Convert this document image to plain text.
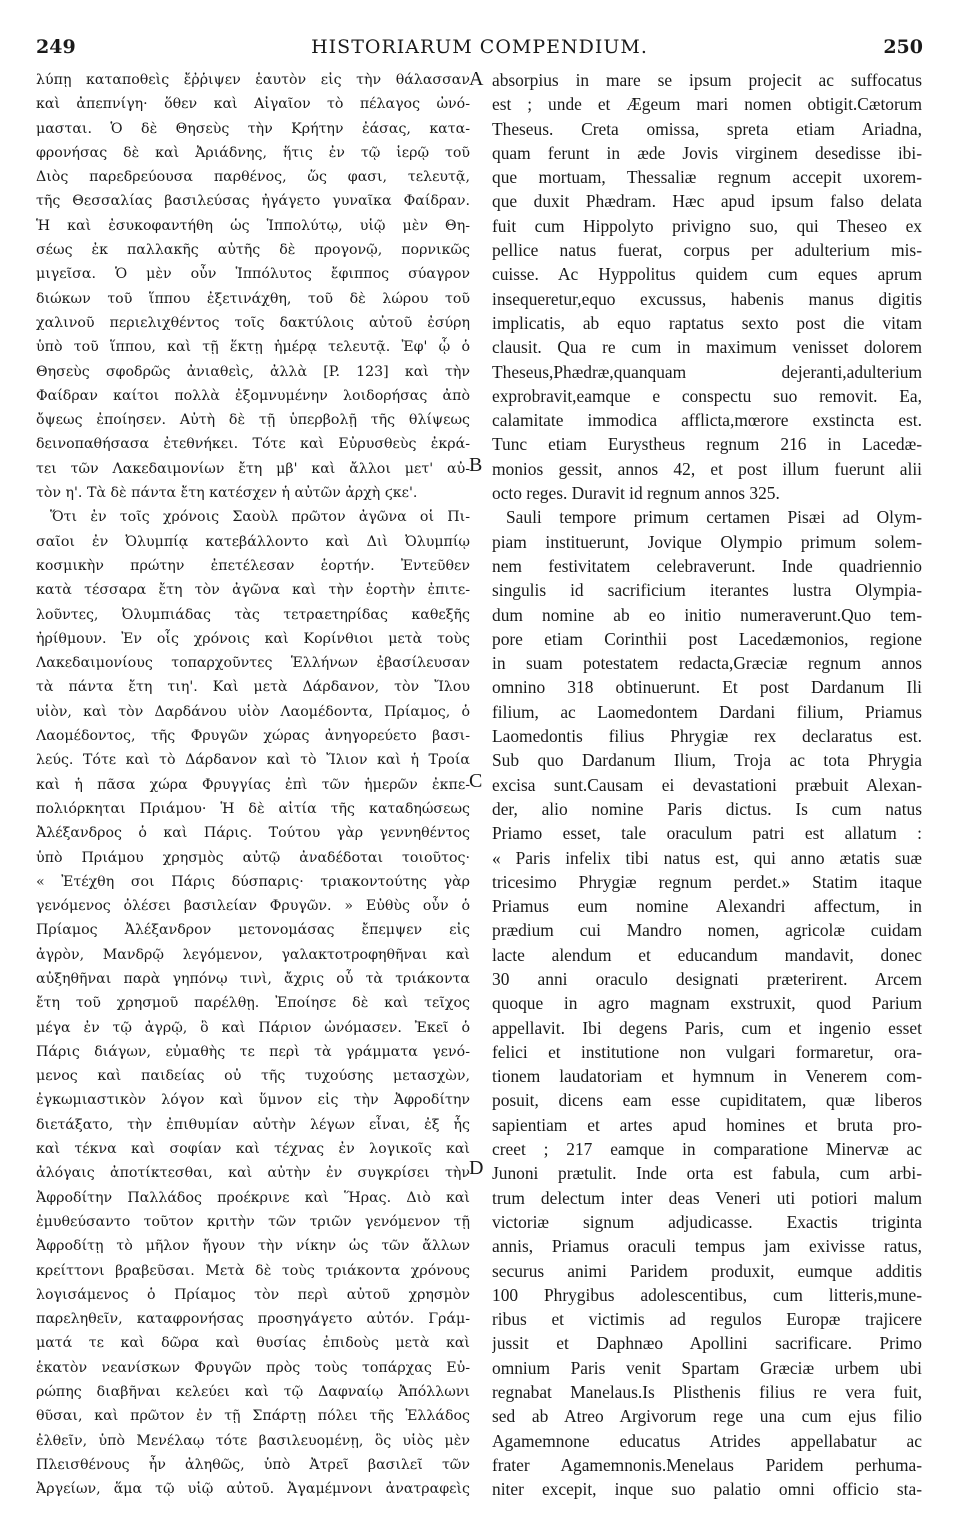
249	HISTORIARUM COMPENDIUM.	250
λύπῃ καταποθεὶς ἔῤῥιψεν ἑαυτὸν εἰς τὴν θάλασσαν
καὶ ἀπεπνίγη· ὅθεν καὶ Αἰγαῖον τὸ πέλαγος ὠνό-
μασται. Ὁ δὲ Θησεὺς τὴν Κρήτην ἐάσας, κατα-
φρονήσας δὲ καὶ Ἀριάδνης, ἥτις ἐν τῷ ἱερῷ τοῦ
Διὸς παρεδρεύουσα παρθένος, ὥς φασι, τελευτᾷ,
τῆς Θεσσαλίας βασιλεύσας ἠγάγετο γυναῖκα Φαίδραν.
Ἡ καὶ ἐσυκοφαντήθη ὡς Ἱππολύτῳ, υἱῷ μὲν Θη-
σέως ἐκ παλλακῆς αὐτῆς δὲ προγονῷ, πορνικῶς
μιγεῖσα. Ὁ μὲν οὖν Ἱππόλυτος ἔφιππος σύαγρον
διώκων τοῦ ἵππου ἐξετινάχθη, τοῦ δὲ λώρου τοῦ
χαλινοῦ περιελιχθέντος τοῖς δακτύλοις αὐτοῦ ἐσύρη
ὑπὸ τοῦ ἵππου, καὶ τῇ ἕκτῃ ἡμέρᾳ τελευτᾷ. Ἐφ' ᾧ ὁ
Θησεὺς σφοδρῶς ἀνιαθεὶς, ἀλλὰ [P. 123] καὶ τὴν
Φαίδραν καίτοι πολλὰ ἐξομνυμένην λοιδορήσας ἀπὸ
ὄψεως ἐποίησεν. Αὐτὴ δὲ τῇ ὑπερβολῇ τῆς θλίψεως
δεινοπαθήσασα ἐτεθνήκει. Τότε καὶ Εὐρυσθεὺς ἐκρά-
τει τῶν Λακεδαιμονίων ἔτη μβ' καὶ ἄλλοι μετ' αὐ-
τὸν η'. Τὰ δὲ πάντα ἔτη κατέσχεν ἡ αὐτῶν ἀρχὴ ϛκε'.
Ὅτι ἐν τοῖς χρόνοις Σαοὺλ πρῶτον ἀγῶνα οἱ Πι-
σαῖοι ἐν Ὀλυμπίᾳ κατεβάλλοντο καὶ Διὶ Ὀλυμπίῳ
κοσμικὴν πρώτην ἐπετέλεσαν ἑορτήν. Ἐντεῦθεν
κατὰ τέσσαρα ἔτη τὸν ἀγῶνα καὶ τὴν ἑορτὴν ἐπιτε-
λοῦντες, Ὀλυμπιάδας τὰς τετραετηρίδας καθεξῆς
ἠρίθμουν. Ἐν οἷς χρόνοις καὶ Κορίνθιοι μετὰ τοὺς
Λακεδαιμονίους τοπαρχοῦντες Ἑλλήνων ἐβασίλευσαν
τὰ πάντα ἔτη τιη'. Καὶ μετὰ Δάρδανον, τὸν Ἴλου
υἱὸν, καὶ τὸν Δαρδάνου υἱὸν Λαομέδοντα, Πρίαμος, ὁ
Λαομέδοντος, τῆς Φρυγῶν χώρας ἀνηγορεύετο βασι-
λεύς. Τότε καὶ τὸ Δάρδανον καὶ τὸ Ἴλιον καὶ ἡ Τροία
καὶ ἡ πᾶσα χώρα Φρυγγίας ἐπὶ τῶν ἡμερῶν ἐκπε-
πολιόρκηται Πριάμου· Ἡ δὲ αἰτία τῆς καταδηώσεως
Ἀλέξανδρος ὁ καὶ Πάρις. Τούτου γὰρ γεννηθέντος
ὑπὸ Πριάμου χρησμὸς αὐτῷ ἀναδέδοται τοιοῦτος·
« Ἐτέχθη σοι Πάρις δύσπαρις· τριακοντούτης γὰρ
γενόμενος ὀλέσει βασιλείαν Φρυγῶν. » Εὐθὺς οὖν ὁ
Πρίαμος Ἀλέξανδρον μετονομάσας ἔπεμψεν εἰς
ἀγρὸν, Μανδρῷ λεγόμενον, γαλακτοτροφηθῆναι καὶ
αὐξηθῆναι παρὰ γηπόνῳ τινὶ, ἄχρις οὗ τὰ τριάκοντα
ἔτη τοῦ χρησμοῦ παρέλθῃ. Ἐποίησε δὲ καὶ τεῖχος
μέγα ἐν τῷ ἀγρῷ, ὃ καὶ Πάριον ὠνόμασεν. Ἐκεῖ ὁ
Πάρις διάγων, εὐμαθὴς τε περὶ τὰ γράμματα γενό-
μενος καὶ παιδείας οὐ τῆς τυχούσης μετασχὼν,
ἐγκωμιαστικὸν λόγον καὶ ὕμνον εἰς τὴν Ἀφροδίτην
διετάξατο, τὴν ἐπιθυμίαν αὐτὴν λέγων εἶναι, ἐξ ἧς
καὶ τέκνα καὶ σοφίαν καὶ τέχνας ἐν λογικοῖς καὶ
ἀλόγαις ἀποτίκτεσθαι, καὶ αὐτὴν ἐν συγκρίσει τὴν
Ἀφροδίτην Παλλάδος προέκρινε καὶ Ἥρας. Διὸ καὶ
ἐμυθεύσαντο τοῦτον κριτὴν τῶν τριῶν γενόμενον τῇ
Ἀφροδίτῃ τὸ μῆλον ἤγουν τὴν νίκην ὡς τῶν ἄλλων
κρείττονι βραβεῦσαι. Μετὰ δὲ τοὺς τριάκοντα χρόνους
λογισάμενος ὁ Πρίαμος τὸν περὶ αὐτοῦ χρησμὸν
παρεληθεῖν, καταφρονήσας προσηγάγετο αὐτόν. Γράμ-
ματά τε καὶ δῶρα καὶ θυσίας ἐπιδοὺς μετὰ καὶ
ἑκατὸν νεανίσκων Φρυγῶν πρὸς τοὺς τοπάρχας Εὐ-
ρώπης διαβῆναι κελεύει καὶ τῷ Δαφναίῳ Ἀπόλλωνι
θῦσαι, καὶ πρῶτον ἐν τῇ Σπάρτῃ πόλει τῆς Ἑλλάδος
ἐλθεῖν, ὑπὸ Μενέλαῳ τότε βασιλευομένῃ, ὃς υἱὸς μὲν
Πλεισθένους ἦν ἀληθῶς, ὑπὸ Ἀτρεῖ βασιλεῖ τῶν
Ἀργείων, ἅμα τῷ υἱῷ αὐτοῦ. Ἀγαμέμνονι ἀνατραφεὶς
absorpius in mare se ipsum projecit ac suffocatus
est ; unde et Ægeum mari nomen obtigit.Cætorum
Theseus. Creta omissa, spreta etiam Ariadna,
quam ferunt in æde Jovis virginem desedisse ibi-
que mortuam, Thessaliæ regnum accepit uxorem-
que duxit Phædram. Hæc apud ipsum falso delata
fuit cum Hippolyto privigno suo, qui Theseo ex
pellice natus fuerat, corpus per adulterium mis-
cuisse. Ac Hyppolitus quidem cum eques aprum
insequeretur,equo excussus, habenis manus digitis
implicatis, ab equo raptatus sexto post die vitam
clausit. Qua re cum in maximum venisset dolorem
Theseus,Phædræ,quanquam dejeranti,adulterium
exprobravit,eamque e conspectu suo removit. Ea,
calamitate immodica afflicta,mœrore exstincta est.
Tunc etiam Eurystheus regnum 216 in Lacedæ-
monios gessit, annos 42, et post illum fuerunt alii
octo reges. Duravit id regnum annos 325.
Sauli tempore primum certamen Pisæi ad Olym-
piam instituerunt, Jovique Olympio primum solem-
nem festivitatem celebraverunt. Inde quadriennio
singulis id sacrificium iterantes lustra Olympia-
dum nomine ab eo initio numeraverunt.Quo tem-
pore etiam Corinthii post Lacedæmonios, regione
in suam potestatem redacta,Græciæ regnum annos
omnino 318 obtinuerunt. Et post Dardanum Ili
filium, ac Laomedontem Dardani filium, Priamus
Laomedontis filius Phrygiæ rex declaratus est.
Sub quo Dardanum Ilium, Troja ac tota Phrygia
excisa sunt.Causam ei devastationi præbuit Alexan-
der, alio nomine Paris dictus. Is cum natus
Priamo esset, tale oraculum patri est allatum :
« Paris infelix tibi natus est, qui anno ætatis suæ
tricesimo Phrygiæ regnum perdet.» Statim itaque
Priamus eum nomine Alexandri affectum, in
prædium cui Mandro nomen, agricolæ cuidam
lacte alendum et educandum mandavit, donec
30 anni oraculo designati præterirent. Arcem
quoque in agro magnam exstruxit, quod Parium
appellavit. Ibi degens Paris, cum et ingenio esset
felici et institutione non vulgari formaretur, ora-
tionem laudatoriam et hymnum in Venerem com-
posuit, dicens eam esse cupiditatem, quæ liberos
sapientiam et artes apud homines et bruta pro-
creet ; 217 eamque in comparatione Minervæ ac
Junoni prætulit. Inde orta est fabula, cum arbi-
trum delectum inter deas Veneri uti potiori malum
victoriæ signum adjudicasse. Exactis triginta
annis, Priamus oraculi tempus jam exivisse ratus,
securus animi Paridem produxit, eumque additis
100 Phrygibus adolescentibus, cum litteris,mune-
ribus et victimis ad regulos Europæ trajicere
jussit et Daphnæo Apollini sacrificare. Primo
omnium Paris venit Spartam Græciæ urbem ubi
regnabat Manelaus.Is Plisthenis filius re vera fuit,
sed ab Atreo Argivorum rege una cum ejus filio
Agamemnone educatus Atrides appellabatur ac
frater Agamemnonis.Menelaus Paridem perhuma-
niter excepit, inque suo palatio omni officio sta-
A
B
C
D
